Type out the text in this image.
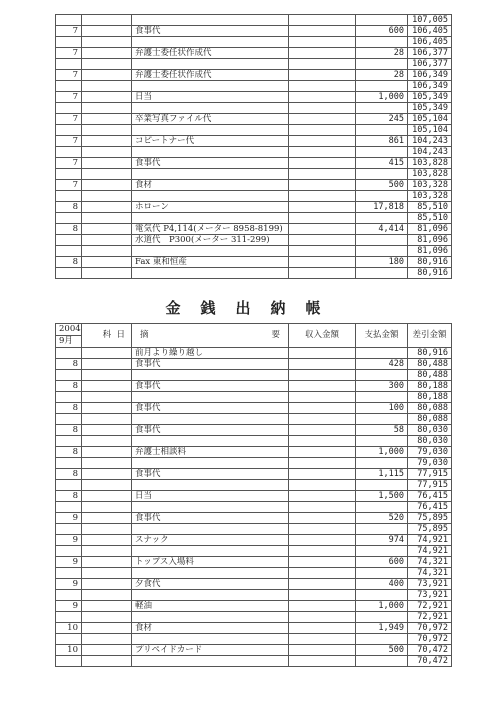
					107,005
7		食事代		600	106,405
					106,405
7		弁護士委任状作成代		28	106,377
					106,377
7		弁護士委任状作成代		28	106,349
					106,349
7		日当		1,000	105,349
					105,349
7		卒業写真ファイル代		245	105,104
					105,104
7		コピートナー代		861	104,243
					104,243
7		食事代		415	103,828
					103,828
7		食材		500	103,328
					103,328
8		ホローン		17,818	85,510
					85,510
8		電気代 P4,114(メーター 8958-8199)		4,414	81,096
		水道代　P300(メーター 311-299)			81,096
					81,096
8		Fax 東和恒産		180	80,916
					80,916
金銭出納帳
2004	科 日	摘 要	収入金額	支払金額	差引金額
9月					
		前月より繰り越し			80,916
8		食事代		428	80,488
					80,488
8		食事代		300	80,188
					80,188
8		食事代		100	80,088
					80,088
8		食事代		58	80,030
					80,030
8		弁護士相談料		1,000	79,030
					79,030
8		食事代		1,115	77,915
					77,915
8		日当		1,500	76,415
					76,415
9		食事代		520	75,895
					75,895
9		スナック		974	74,921
					74,921
9		トップス入場料		600	74,321
					74,321
9		夕食代		400	73,921
					73,921
9		軽油		1,000	72,921
					72,921
10		食材		1,949	70,972
					70,972
10		プリペイドカード		500	70,472
					70,472
